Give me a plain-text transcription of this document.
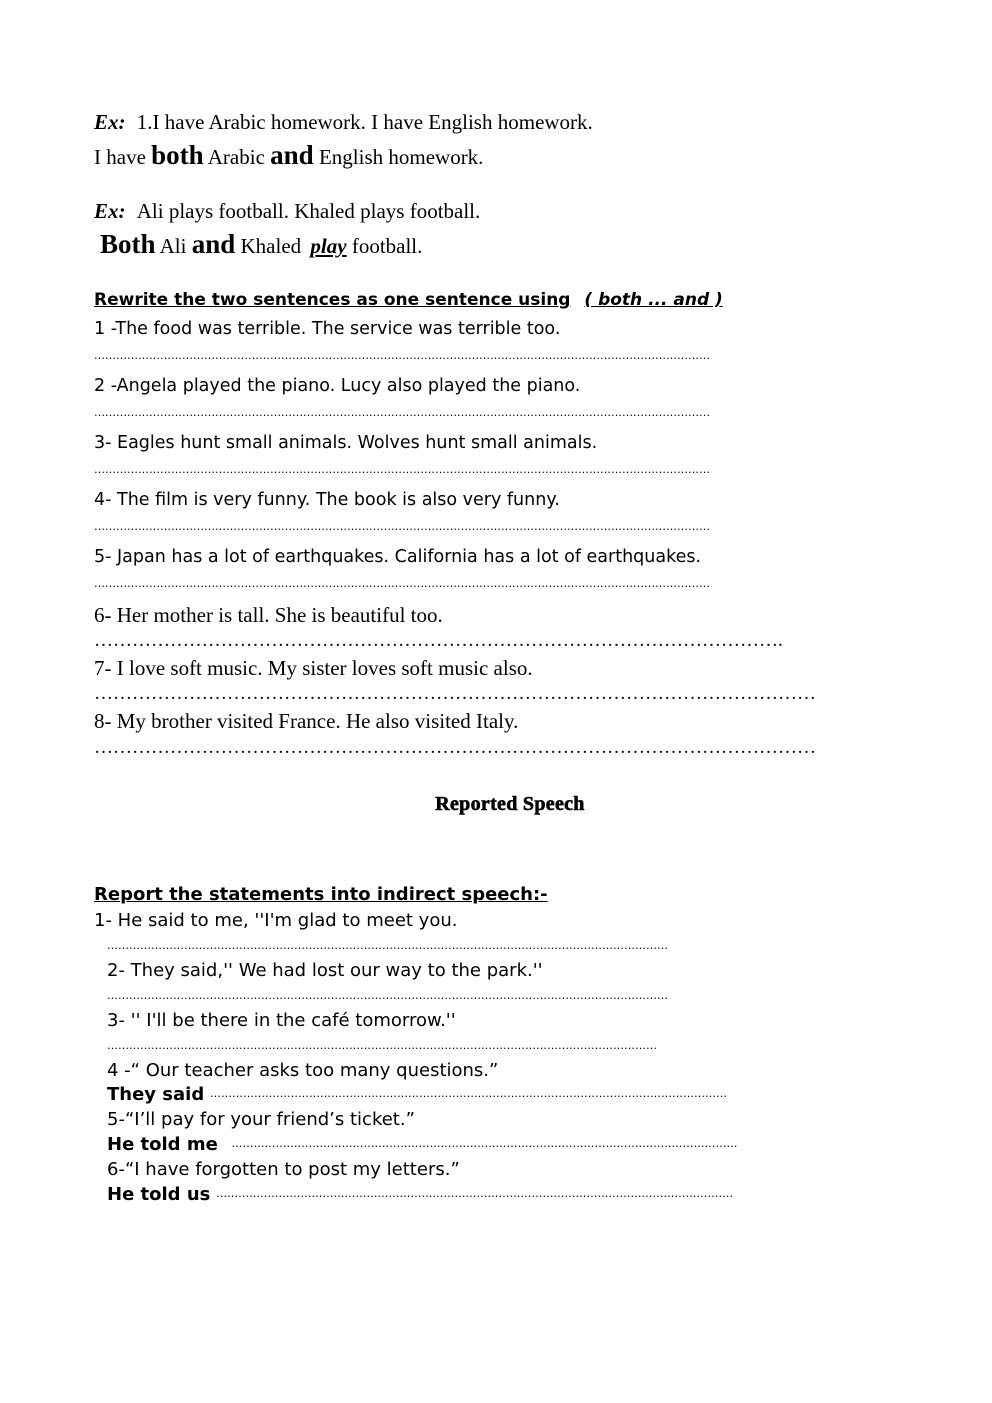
Ex: 1.I have Arabic homework. I have English homework.
I have both Arabic and English homework.
Ex: Ali plays football. Khaled plays football.
Both Ali and Khaled play football.
Rewrite the two sentences as one sentence using ( both ... and )
1 -The food was terrible. The service was terrible too.
……………………………………………………………………………………………………………………………………………………
2 -Angela played the piano. Lucy also played the piano.
……………………………………………………………………………………………………………………………………………………
3- Eagles hunt small animals. Wolves hunt small animals.
……………………………………………………………………………………………………………………………………………………
4- The film is very funny. The book is also very funny.
……………………………………………………………………………………………………………………………………………………
5- Japan has a lot of earthquakes. California has a lot of earthquakes.
……………………………………………………………………………………………………………………………………………………
6- Her mother is tall. She is beautiful too.
……………………………………………………………………………………………….
7- I love soft music. My sister loves soft music also.
……………………………………………………………………………………………………
8- My brother visited France. He also visited Italy.
……………………………………………………………………………………………………
Reported Speech
Report the statements into indirect speech:-
1- He said to me, ''I'm glad to meet you.
………………………………………………………………………………………………………………………………………
2- They said,'' We had lost our way to the park.''
………………………………………………………………………………………………………………………………………
3- '' I'll be there in the café tomorrow.''
……………………………………………………………………………………………………………………………………
4 -“ Our teacher asks too many questions.”
They said ……………………………………………………………………………………………………………………………
5-“I’ll pay for your friend’s ticket.”
He told me …………………………………………………………………………………………………………………………
6-“I have forgotten to post my letters.”
He told us ……………………………………………………………………………………………………………………………
